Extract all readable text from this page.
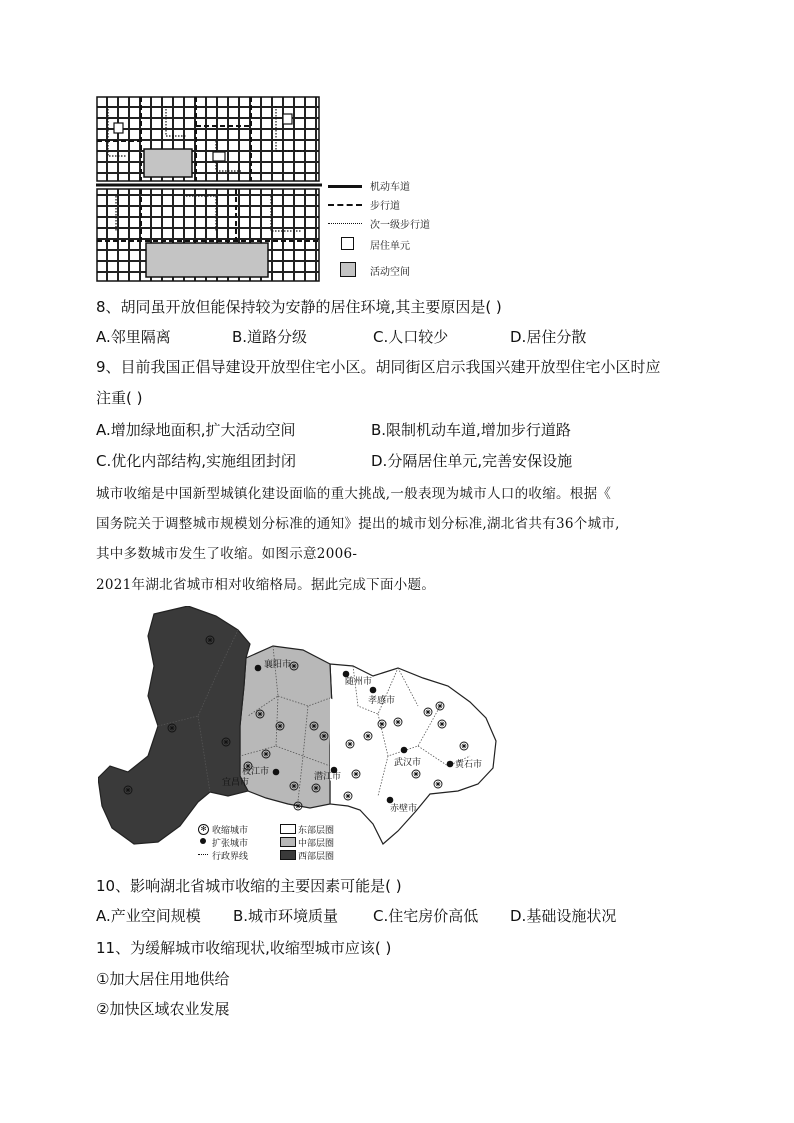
机动车道
步行道
次一级步行道
居住单元
活动空间
8、胡同虽开放但能保持较为安静的居住环境,其主要原因是( )
A.邻里隔离	B.道路分级	C.人口较少	D.居住分散
9、目前我国正倡导建设开放型住宅小区。胡同街区启示我国兴建开放型住宅小区时应
注重( )
A.增加绿地面积,扩大活动空间	B.限制机动车道,增加步行道路
C.优化内部结构,实施组团封闭	D.分隔居住单元,完善安保设施
城市收缩是中国新型城镇化建设面临的重大挑战,一般表现为城市人口的收缩。根据《
国务院关于调整城市规模划分标准的通知》提出的城市划分标准,湖北省共有36个城市,
其中多数城市发生了收缩。如图示意2006-
2021年湖北省城市相对收缩格局。据此完成下面小题。
襄阳市
随州市
孝感市
武汉市	黄石市
枝江市
宜昌市
潜江市
赤壁市
✻ 收缩城市
扩张城市
行政界线
东部层圈
中部层圈
西部层圈
10、影响湖北省城市收缩的主要因素可能是( )
A.产业空间规模 B.城市环境质量 C.住宅房价高低 D.基础设施状况
11、为缓解城市收缩现状,收缩型城市应该( )
①加大居住用地供给
②加快区域农业发展
